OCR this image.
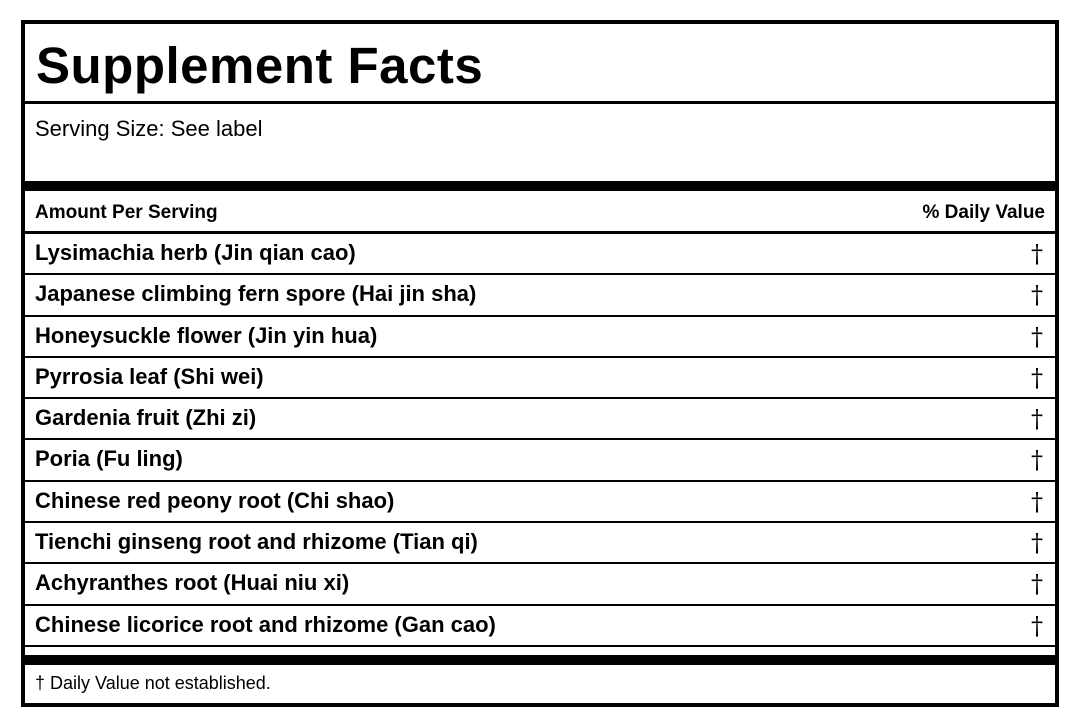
Supplement Facts
Serving Size: See label
Amount Per Serving	% Daily Value
Lysimachia herb (Jin qian cao)	†
Japanese climbing fern spore (Hai jin sha)	†
Honeysuckle flower (Jin yin hua)	†
Pyrrosia leaf (Shi wei)	†
Gardenia fruit (Zhi zi)	†
Poria (Fu ling)	†
Chinese red peony root (Chi shao)	†
Tienchi ginseng root and rhizome (Tian qi)	†
Achyranthes root (Huai niu xi)	†
Chinese licorice root and rhizome (Gan cao)	†
† Daily Value not established.
